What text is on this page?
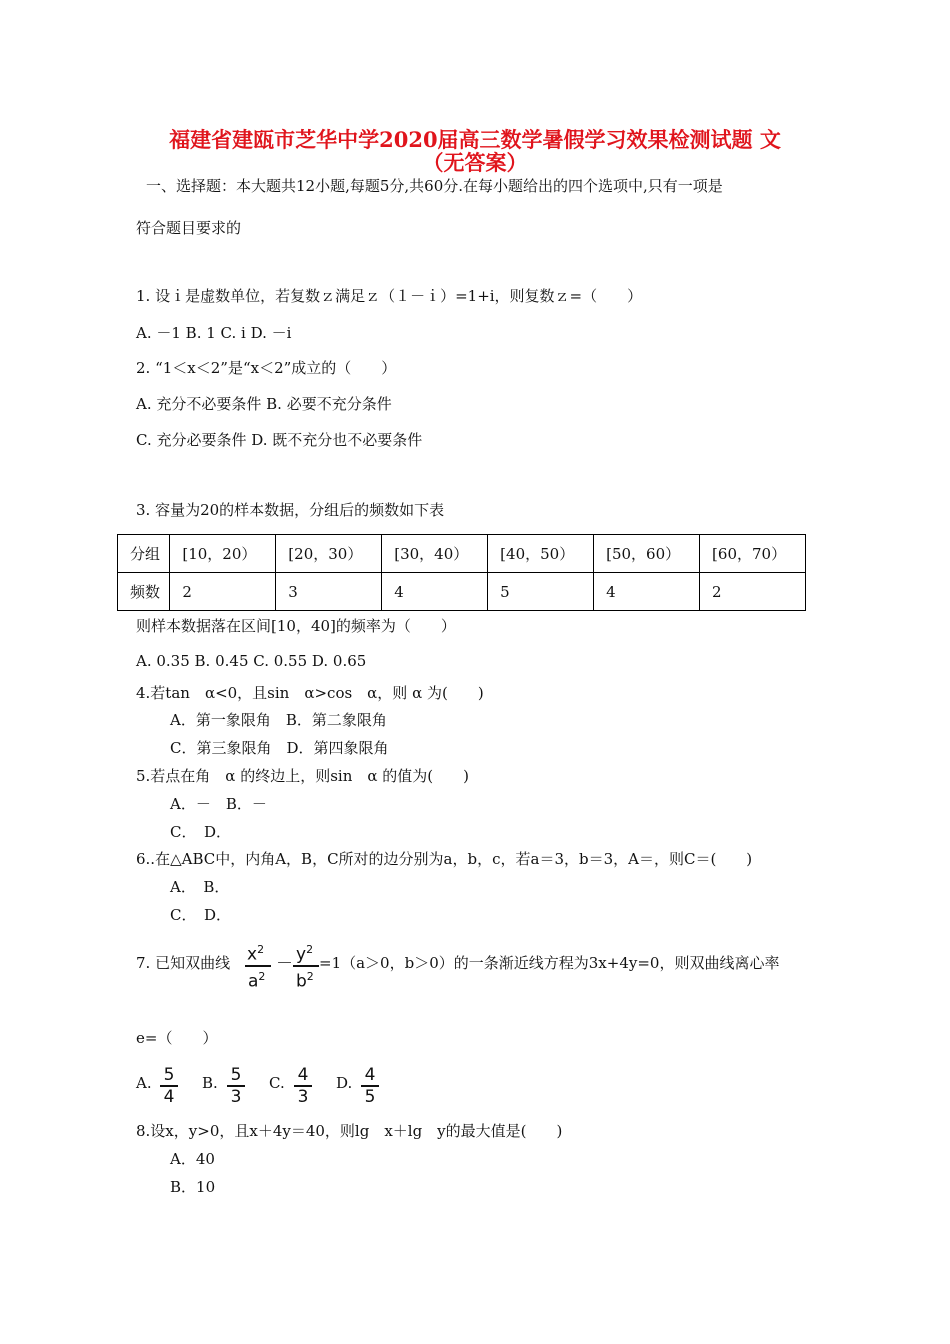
福建省建瓯市芝华中学2020届高三数学暑假学习效果检测试题 文
（无答案）
一、选择题：本大题共12小题,每题5分,共60分.在每小题给出的四个选项中,只有一项是
符合题目要求的
1. 设ｉ是虚数单位，若复数ｚ满足ｚ（１－ｉ）=1+i，则复数ｚ=（　　）
A. －1 B. 1 C. i D. －i
2. “1＜x＜2”是“x＜2”成立的（　　）
A. 充分不必要条件 B. 必要不充分条件
C. 充分必要条件 D. 既不充分也不必要条件
3. 容量为20的样本数据，分组后的频数如下表
分组	[10，20）	[20，30）	[30，40）	[40，50）	[50，60）	[60，70）
频数	2	3	4	5	4	2
则样本数据落在区间[10，40]的频率为（　　）
A. 0.35 B. 0.45 C. 0.55 D. 0.65
4.若tan　α<0，且sin　α>cos　α，则 α 为(　　)
A．第一象限角　B．第二象限角
C．第三象限角　D．第四象限角
5.若点在角　α 的终边上，则sin　α 的值为(　　)
A．－　B．－
C．　D．
6..在△ABC中，内角A，B，C所对的边分别为a，b，c，若a＝3，b＝3，A＝，则C＝(　　)
A．　B．
C．　D．
7. 已知双曲线 $x^2$
$a^2$
－ $y^2$
$b^2$
=1（a＞0，b＞0）的一条渐近线方程为3x+4y=0，则双曲线离心率
e=（　　）
A. 5
4
B. 5
3
C. 4
3
D. 4
5
8.设x，y>0，且x＋4y＝40，则lg　x＋lg　y的最大值是(　　)
A．40
B．10
